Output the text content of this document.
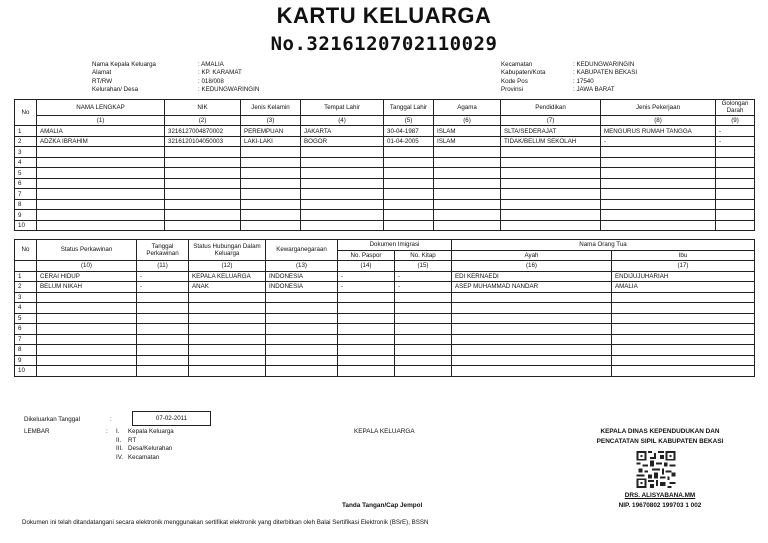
KARTU KELUARGA
No.3216120702110029
Nama Kepala Keluarga	: AMALIA
Alamat	: KP. KARAMAT
RT/RW	: 018/008
Kelurahan/ Desa	: KEDUNGWARINGIN
Kecamatan	: KEDUNGWARINGIN
Kabupaten/Kota	: KABUPATEN BEKASI
Kode Pos	: 17540
Provinsi	: JAWA BARAT
No	NAMA LENGKAP	NIK	Jenis Kelamin	Tempat Lahir	Tanggal Lahir	Agama	Pendidikan	Jenis Pekerjaan	Golongan Darah
	(1)	(2)	(3)	(4)	(5)	(6)	(7)	(8)	(9)
1	AMALIA	3216127004870002	PEREMPUAN	JAKARTA	30-04-1987	ISLAM	SLTA/SEDERAJAT	MENGURUS RUMAH TANGGA	-
2	ADZKA IBRAHIM	3216120104050003	LAKI-LAKI	BOGOR	01-04-2005	ISLAM	TIDAK/BELUM SEKOLAH	-	-
3									
4									
5									
6									
7									
8									
9									
10									
No	Status Perkawinan	Tanggal Perkawinan	Status Hubungan Dalam Keluarga	Kewarganegaraan	Dokumen Imigrasi		Nama Orang Tua	
					No. Paspor	No. Kitap	Ayah	Ibu
	(10)	(11)	(12)	(13)	(14)	(15)	(16)	(17)
1	CERAI HIDUP	-	KEPALA KELUARGA	INDONESIA	-	-	EDI KERNAEDI	ENDIJUJUHARIAH
2	BELUM NIKAH	-	ANAK	INDONESIA	-	-	ASEP MUHAMMAD NANDAR	AMALIA
3								
4								
5								
6								
7								
8								
9								
10								
Dikeluarkan Tanggal	:	07-02-2011
LEMBAR	:	I.	Kepala Keluarga
II.	RT
III. Desa/Kelurahan
IV. Kecamatan
KEPALA KELUARGA
Tanda Tangan/Cap Jempol
KEPALA DINAS KEPENDUDUKAN DAN
PENCATATAN SIPIL KABUPATEN BEKASI
DRS. ALISYABANA.MM
NIP. 19670802 199703 1 002
Dokumen ini telah ditandatangani secara elektronik menggunakan sertifikat elektronik yang diterbitkan oleh Balai Sertifikasi Elektronik (BSrE), BSSN
